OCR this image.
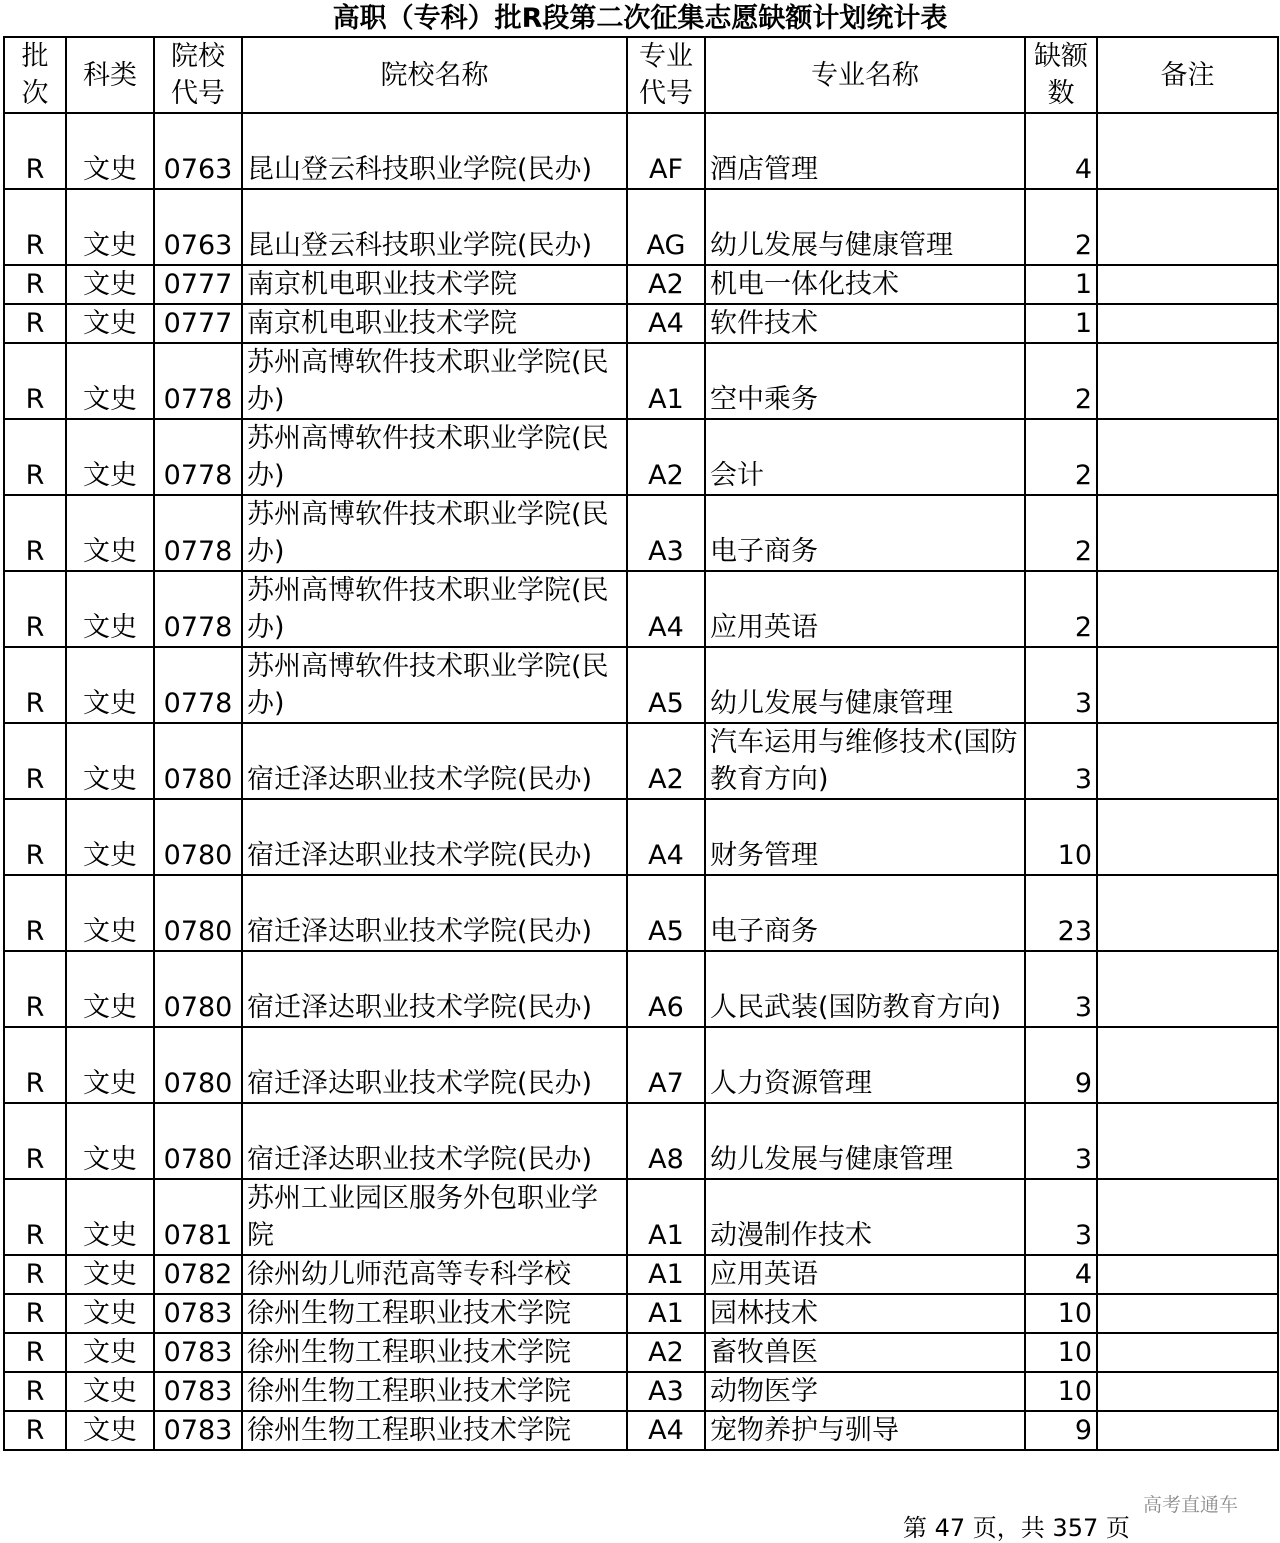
高职（专科）批R段第二次征集志愿缺额计划统计表
批次	科类	院校代号	院校名称	专业代号	专业名称	缺额数	备注
R	文史	0763	昆山登云科技职业学院(民办)	AF	酒店管理	4	
R	文史	0763	昆山登云科技职业学院(民办)	AG	幼儿发展与健康管理	2	
R	文史	0777	南京机电职业技术学院	A2	机电一体化技术	1	
R	文史	0777	南京机电职业技术学院	A4	软件技术	1	
R	文史	0778	苏州高博软件技术职业学院(民办)	A1	空中乘务	2	
R	文史	0778	苏州高博软件技术职业学院(民办)	A2	会计	2	
R	文史	0778	苏州高博软件技术职业学院(民办)	A3	电子商务	2	
R	文史	0778	苏州高博软件技术职业学院(民办)	A4	应用英语	2	
R	文史	0778	苏州高博软件技术职业学院(民办)	A5	幼儿发展与健康管理	3	
R	文史	0780	宿迁泽达职业技术学院(民办)	A2	汽车运用与维修技术(国防教育方向)	3	
R	文史	0780	宿迁泽达职业技术学院(民办)	A4	财务管理	10	
R	文史	0780	宿迁泽达职业技术学院(民办)	A5	电子商务	23	
R	文史	0780	宿迁泽达职业技术学院(民办)	A6	人民武装(国防教育方向)	3	
R	文史	0780	宿迁泽达职业技术学院(民办)	A7	人力资源管理	9	
R	文史	0780	宿迁泽达职业技术学院(民办)	A8	幼儿发展与健康管理	3	
R	文史	0781	苏州工业园区服务外包职业学院	A1	动漫制作技术	3	
R	文史	0782	徐州幼儿师范高等专科学校	A1	应用英语	4	
R	文史	0783	徐州生物工程职业技术学院	A1	园林技术	10	
R	文史	0783	徐州生物工程职业技术学院	A2	畜牧兽医	10	
R	文史	0783	徐州生物工程职业技术学院	A3	动物医学	10	
R	文史	0783	徐州生物工程职业技术学院	A4	宠物养护与驯导	9	
第 47 页，共 357 页
高考直通车
